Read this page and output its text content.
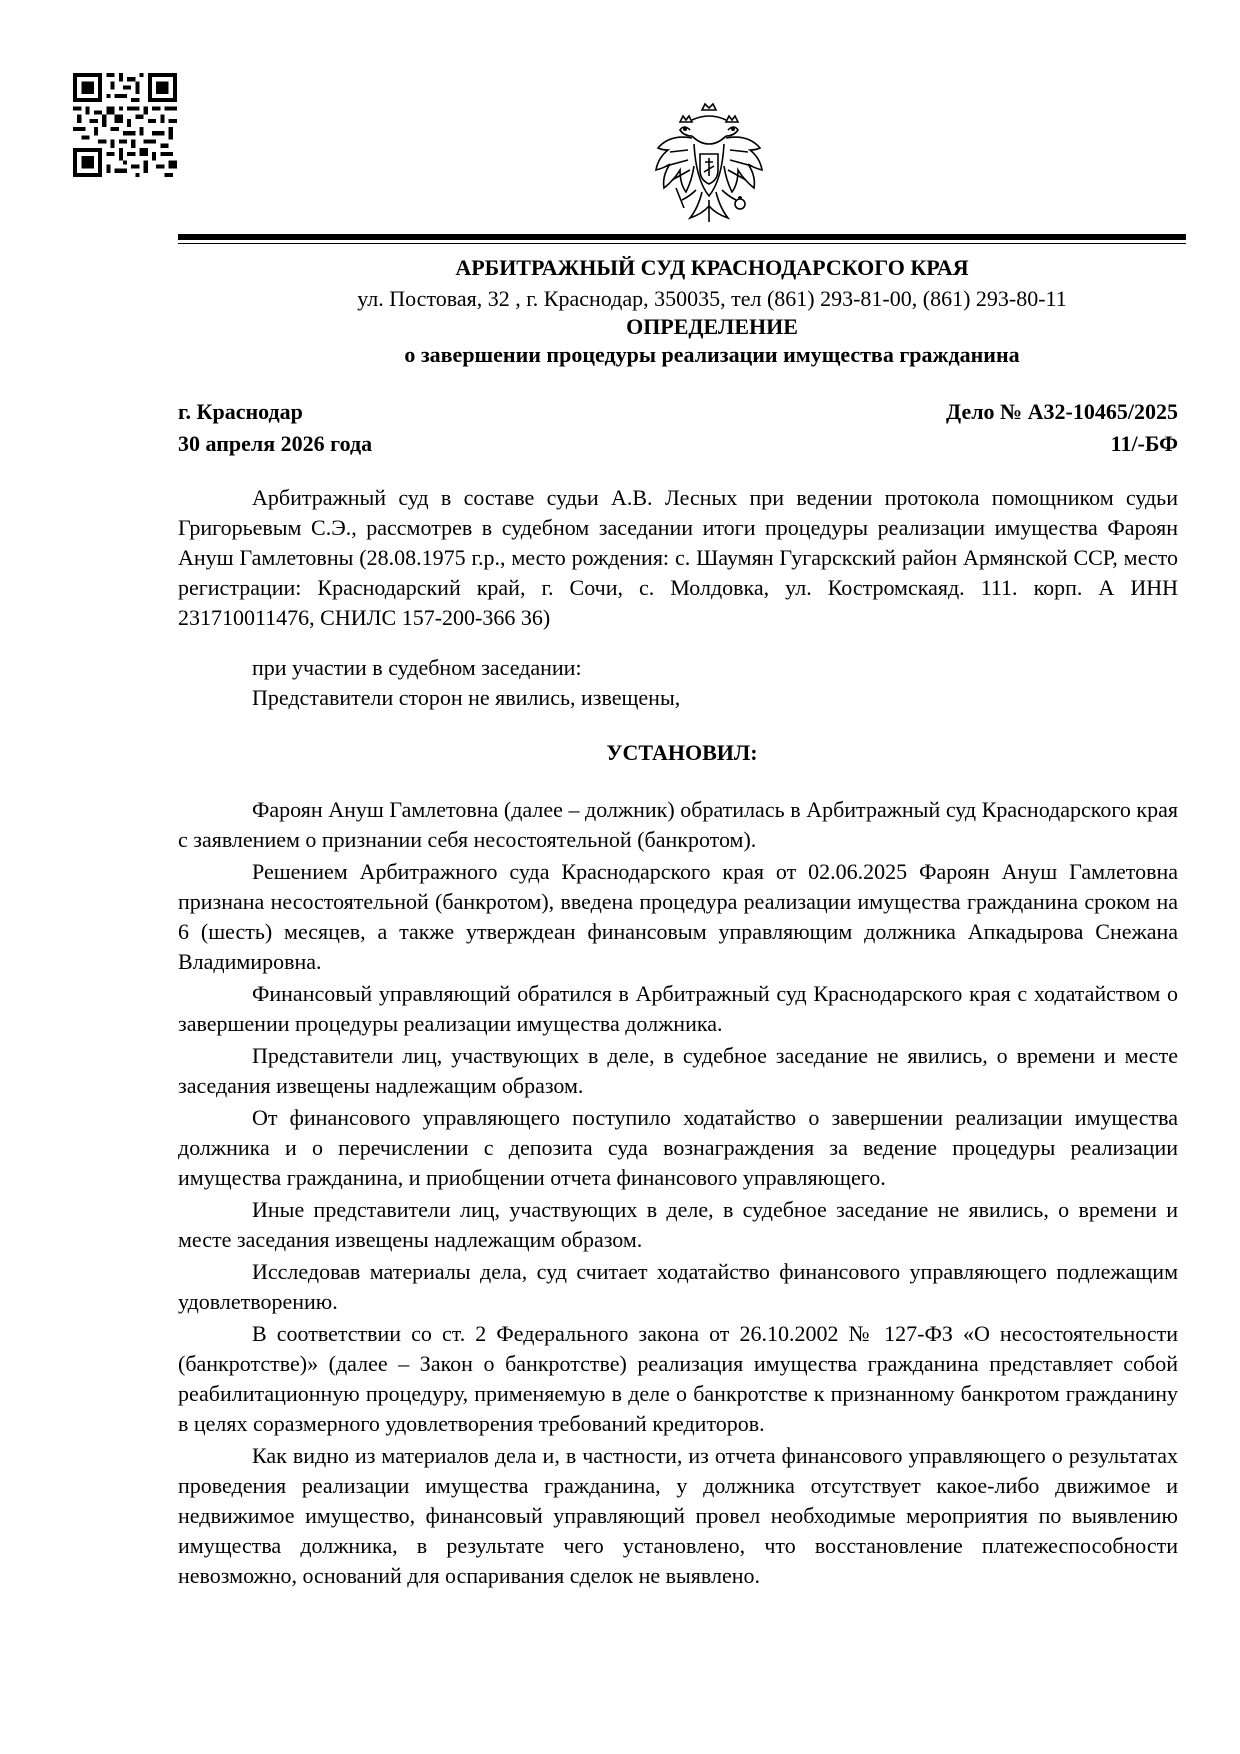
АРБИТРАЖНЫЙ СУД КРАСНОДАРСКОГО КРАЯ
ул. Постовая, 32 , г. Краснодар, 350035, тел (861) 293-81-00, (861) 293-80-11
ОПРЕДЕЛЕНИЕ
о завершении процедуры реализации имущества гражданина
г. Краснодар
30 апреля 2026 года
Дело № А32-10465/2025
11/-БФ

Арбитражный суд в составе судьи А.В. Лесных при ведении протокола помощником судьи Григорьевым С.Э., рассмотрев в судебном заседании итоги процедуры реализации имущества Фароян Ануш Гамлетовны (28.08.1975 г.р., место рождения: с. Шаумян Гугарскский район Армянской ССР, место регистрации: Краснодарский край, г. Сочи, с. Молдовка, ул. Костромскаяд. 111. корп. А ИНН 231710011476, СНИЛС 157-200-366 36)

при участии в судебном заседании:
Представители сторон не явились, извещены,
УСТАНОВИЛ:

Фароян Ануш Гамлетовна (далее – должник) обратилась в Арбитражный суд Краснодарского края с заявлением о признании себя несостоятельной (банкротом).

Решением Арбитражного суда Краснодарского края от 02.06.2025 Фароян Ануш Гамлетовна признана несостоятельной (банкротом), введена процедура реализации имущества гражданина сроком на 6 (шесть) месяцев, а также утверждеан финансовым управляющим должника Апкадырова Снежана Владимировна.

Финансовый управляющий обратился в Арбитражный суд Краснодарского края с ходатайством о завершении процедуры реализации имущества должника.

Представители лиц, участвующих в деле, в судебное заседание не явились, о времени и месте заседания извещены надлежащим образом.

От финансового управляющего поступило ходатайство о завершении реализации имущества должника и о перечислении с депозита суда вознаграждения за ведение процедуры реализации имущества гражданина, и приобщении отчета финансового управляющего.

Иные представители лиц, участвующих в деле, в судебное заседание не явились, о времени и месте заседания извещены надлежащим образом.

Исследовав материалы дела, суд считает ходатайство финансового управляющего подлежащим удовлетворению.

В соответствии со ст. 2 Федерального закона от 26.10.2002 № 127-ФЗ «О несостоятельности (банкротстве)» (далее – Закон о банкротстве) реализация имущества гражданина представляет собой реабилитационную процедуру, применяемую в деле о банкротстве к признанному банкротом гражданину в целях соразмерного удовлетворения требований кредиторов.

Как видно из материалов дела и, в частности, из отчета финансового управляющего о результатах проведения реализации имущества гражданина, у должника отсутствует какое-либо движимое и недвижимое имущество, финансовый управляющий провел необходимые мероприятия по выявлению имущества должника, в результате чего установлено, что восстановление платежеспособности невозможно, оснований для оспаривания сделок не выявлено.
